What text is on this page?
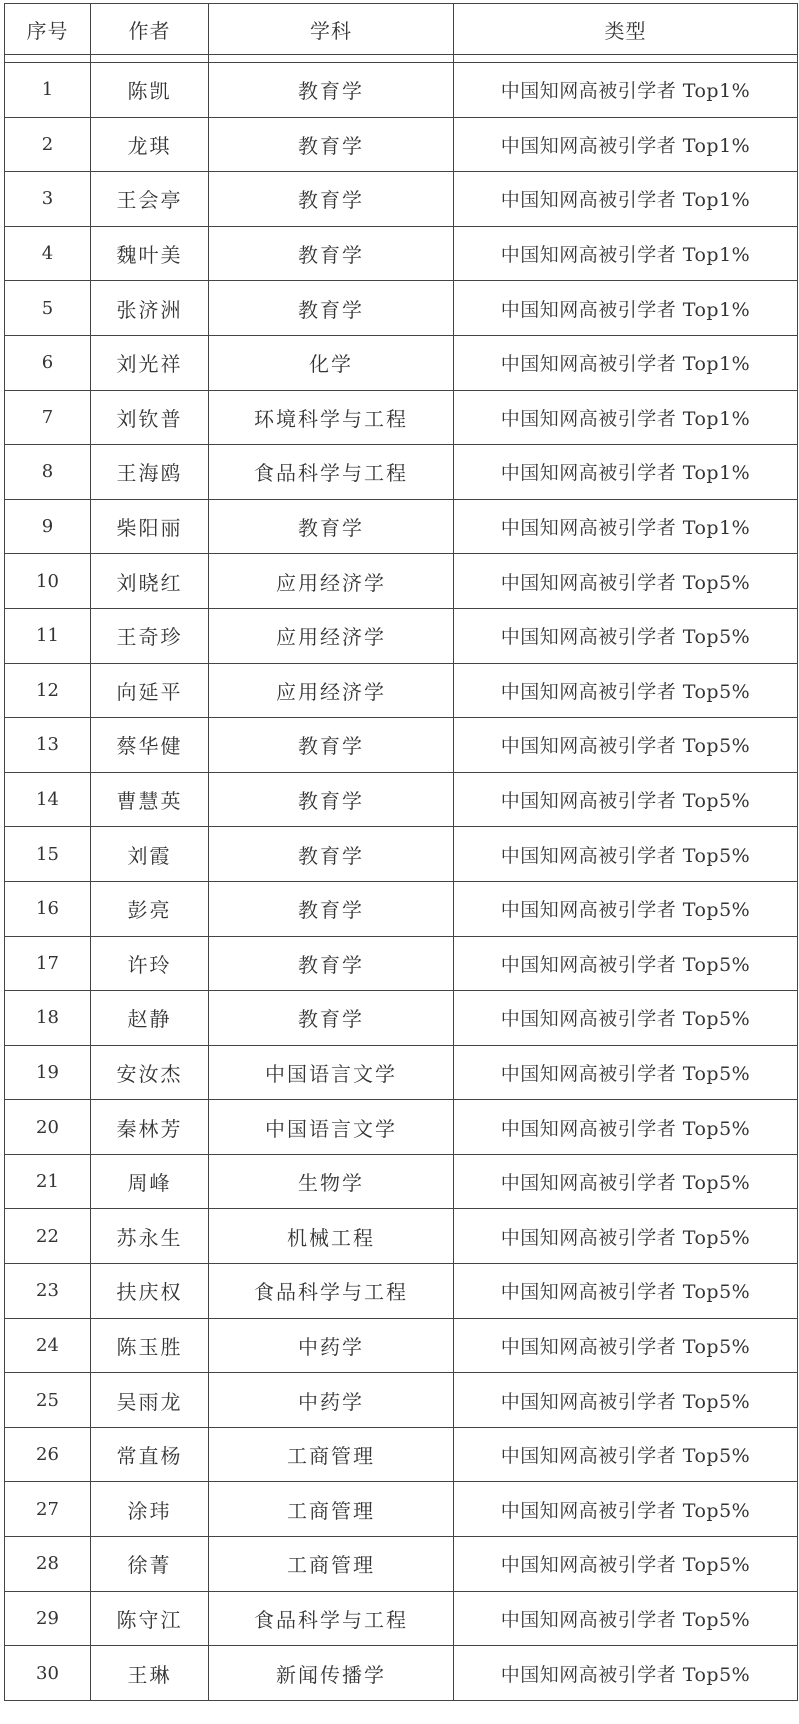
序号	作者	学科	类型

1	陈凯	教育学	中国知网高被引学者 Top1%
2	龙琪	教育学	中国知网高被引学者 Top1%
3	王会亭	教育学	中国知网高被引学者 Top1%
4	魏叶美	教育学	中国知网高被引学者 Top1%
5	张济洲	教育学	中国知网高被引学者 Top1%
6	刘光祥	化学	中国知网高被引学者 Top1%
7	刘钦普	环境科学与工程	中国知网高被引学者 Top1%
8	王海鸥	食品科学与工程	中国知网高被引学者 Top1%
9	柴阳丽	教育学	中国知网高被引学者 Top1%
10	刘晓红	应用经济学	中国知网高被引学者 Top5%
11	王奇珍	应用经济学	中国知网高被引学者 Top5%
12	向延平	应用经济学	中国知网高被引学者 Top5%
13	蔡华健	教育学	中国知网高被引学者 Top5%
14	曹慧英	教育学	中国知网高被引学者 Top5%
15	刘霞	教育学	中国知网高被引学者 Top5%
16	彭亮	教育学	中国知网高被引学者 Top5%
17	许玲	教育学	中国知网高被引学者 Top5%
18	赵静	教育学	中国知网高被引学者 Top5%
19	安汝杰	中国语言文学	中国知网高被引学者 Top5%
20	秦林芳	中国语言文学	中国知网高被引学者 Top5%
21	周峰	生物学	中国知网高被引学者 Top5%
22	苏永生	机械工程	中国知网高被引学者 Top5%
23	扶庆权	食品科学与工程	中国知网高被引学者 Top5%
24	陈玉胜	中药学	中国知网高被引学者 Top5%
25	吴雨龙	中药学	中国知网高被引学者 Top5%
26	常直杨	工商管理	中国知网高被引学者 Top5%
27	涂玮	工商管理	中国知网高被引学者 Top5%
28	徐菁	工商管理	中国知网高被引学者 Top5%
29	陈守江	食品科学与工程	中国知网高被引学者 Top5%
30	王琳	新闻传播学	中国知网高被引学者 Top5%
